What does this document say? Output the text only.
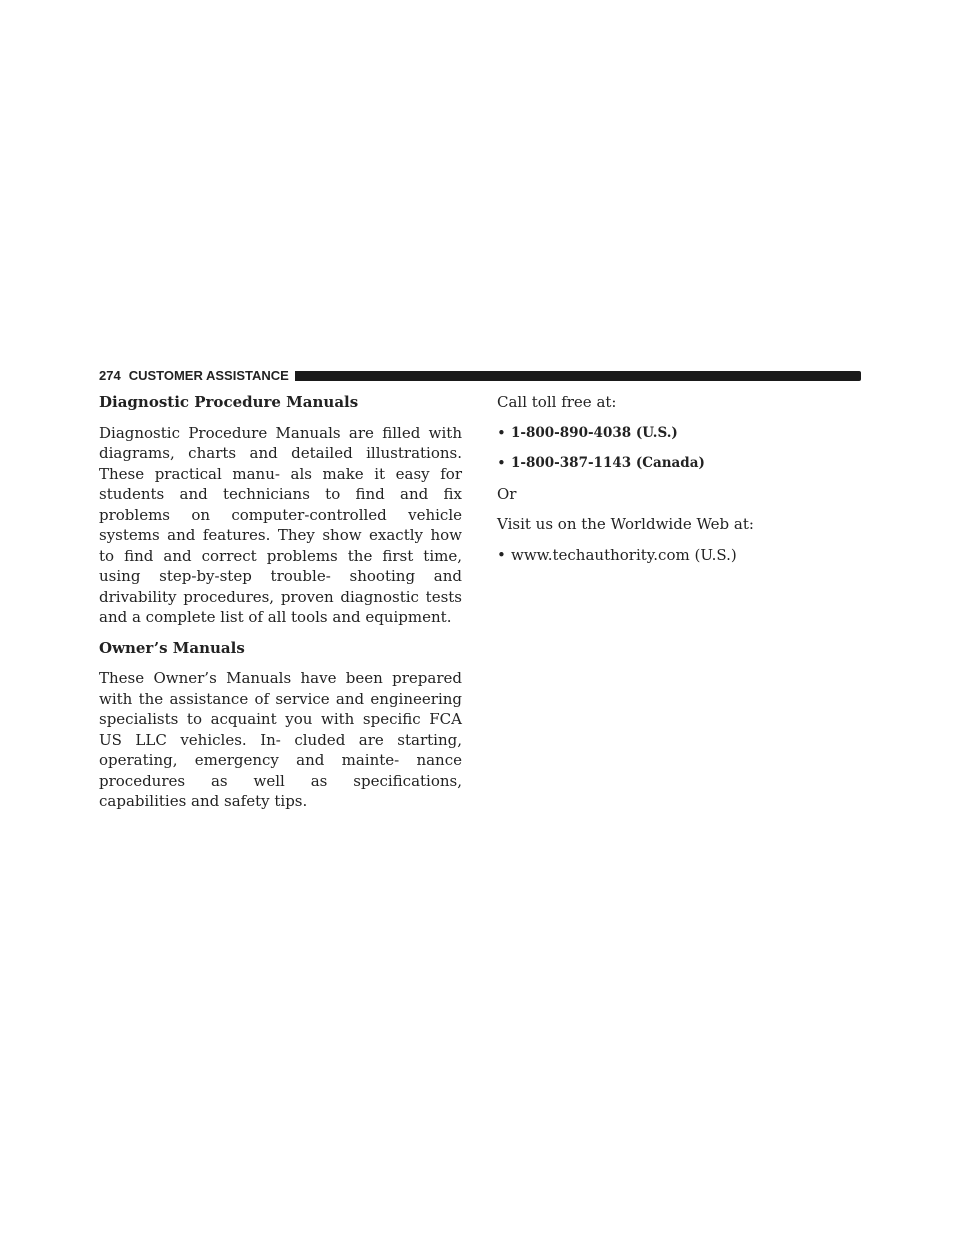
274 CUSTOMER ASSISTANCE

Diagnostic Procedure Manuals

Diagnostic Procedure Manuals are filled with diagrams, charts and detailed illustrations. These practical manu- als make it easy for students and technicians to find and fix problems on computer-controlled vehicle systems and features. They show exactly how to find and correct problems the first time, using step-by-step trouble- shooting and drivability procedures, proven diagnostic tests and a complete list of all tools and equipment.

Owner’s Manuals

These Owner’s Manuals have been prepared with the assistance of service and engineering specialists to acquaint you with specific FCA US LLC vehicles. In- cluded are starting, operating, emergency and mainte- nance procedures as well as specifications, capabilities and safety tips.

Call toll free at:

• 1-800-890-4038 (U.S.)
• 1-800-387-1143 (Canada)

Or

Visit us on the Worldwide Web at:

• www.techauthority.com (U.S.)
